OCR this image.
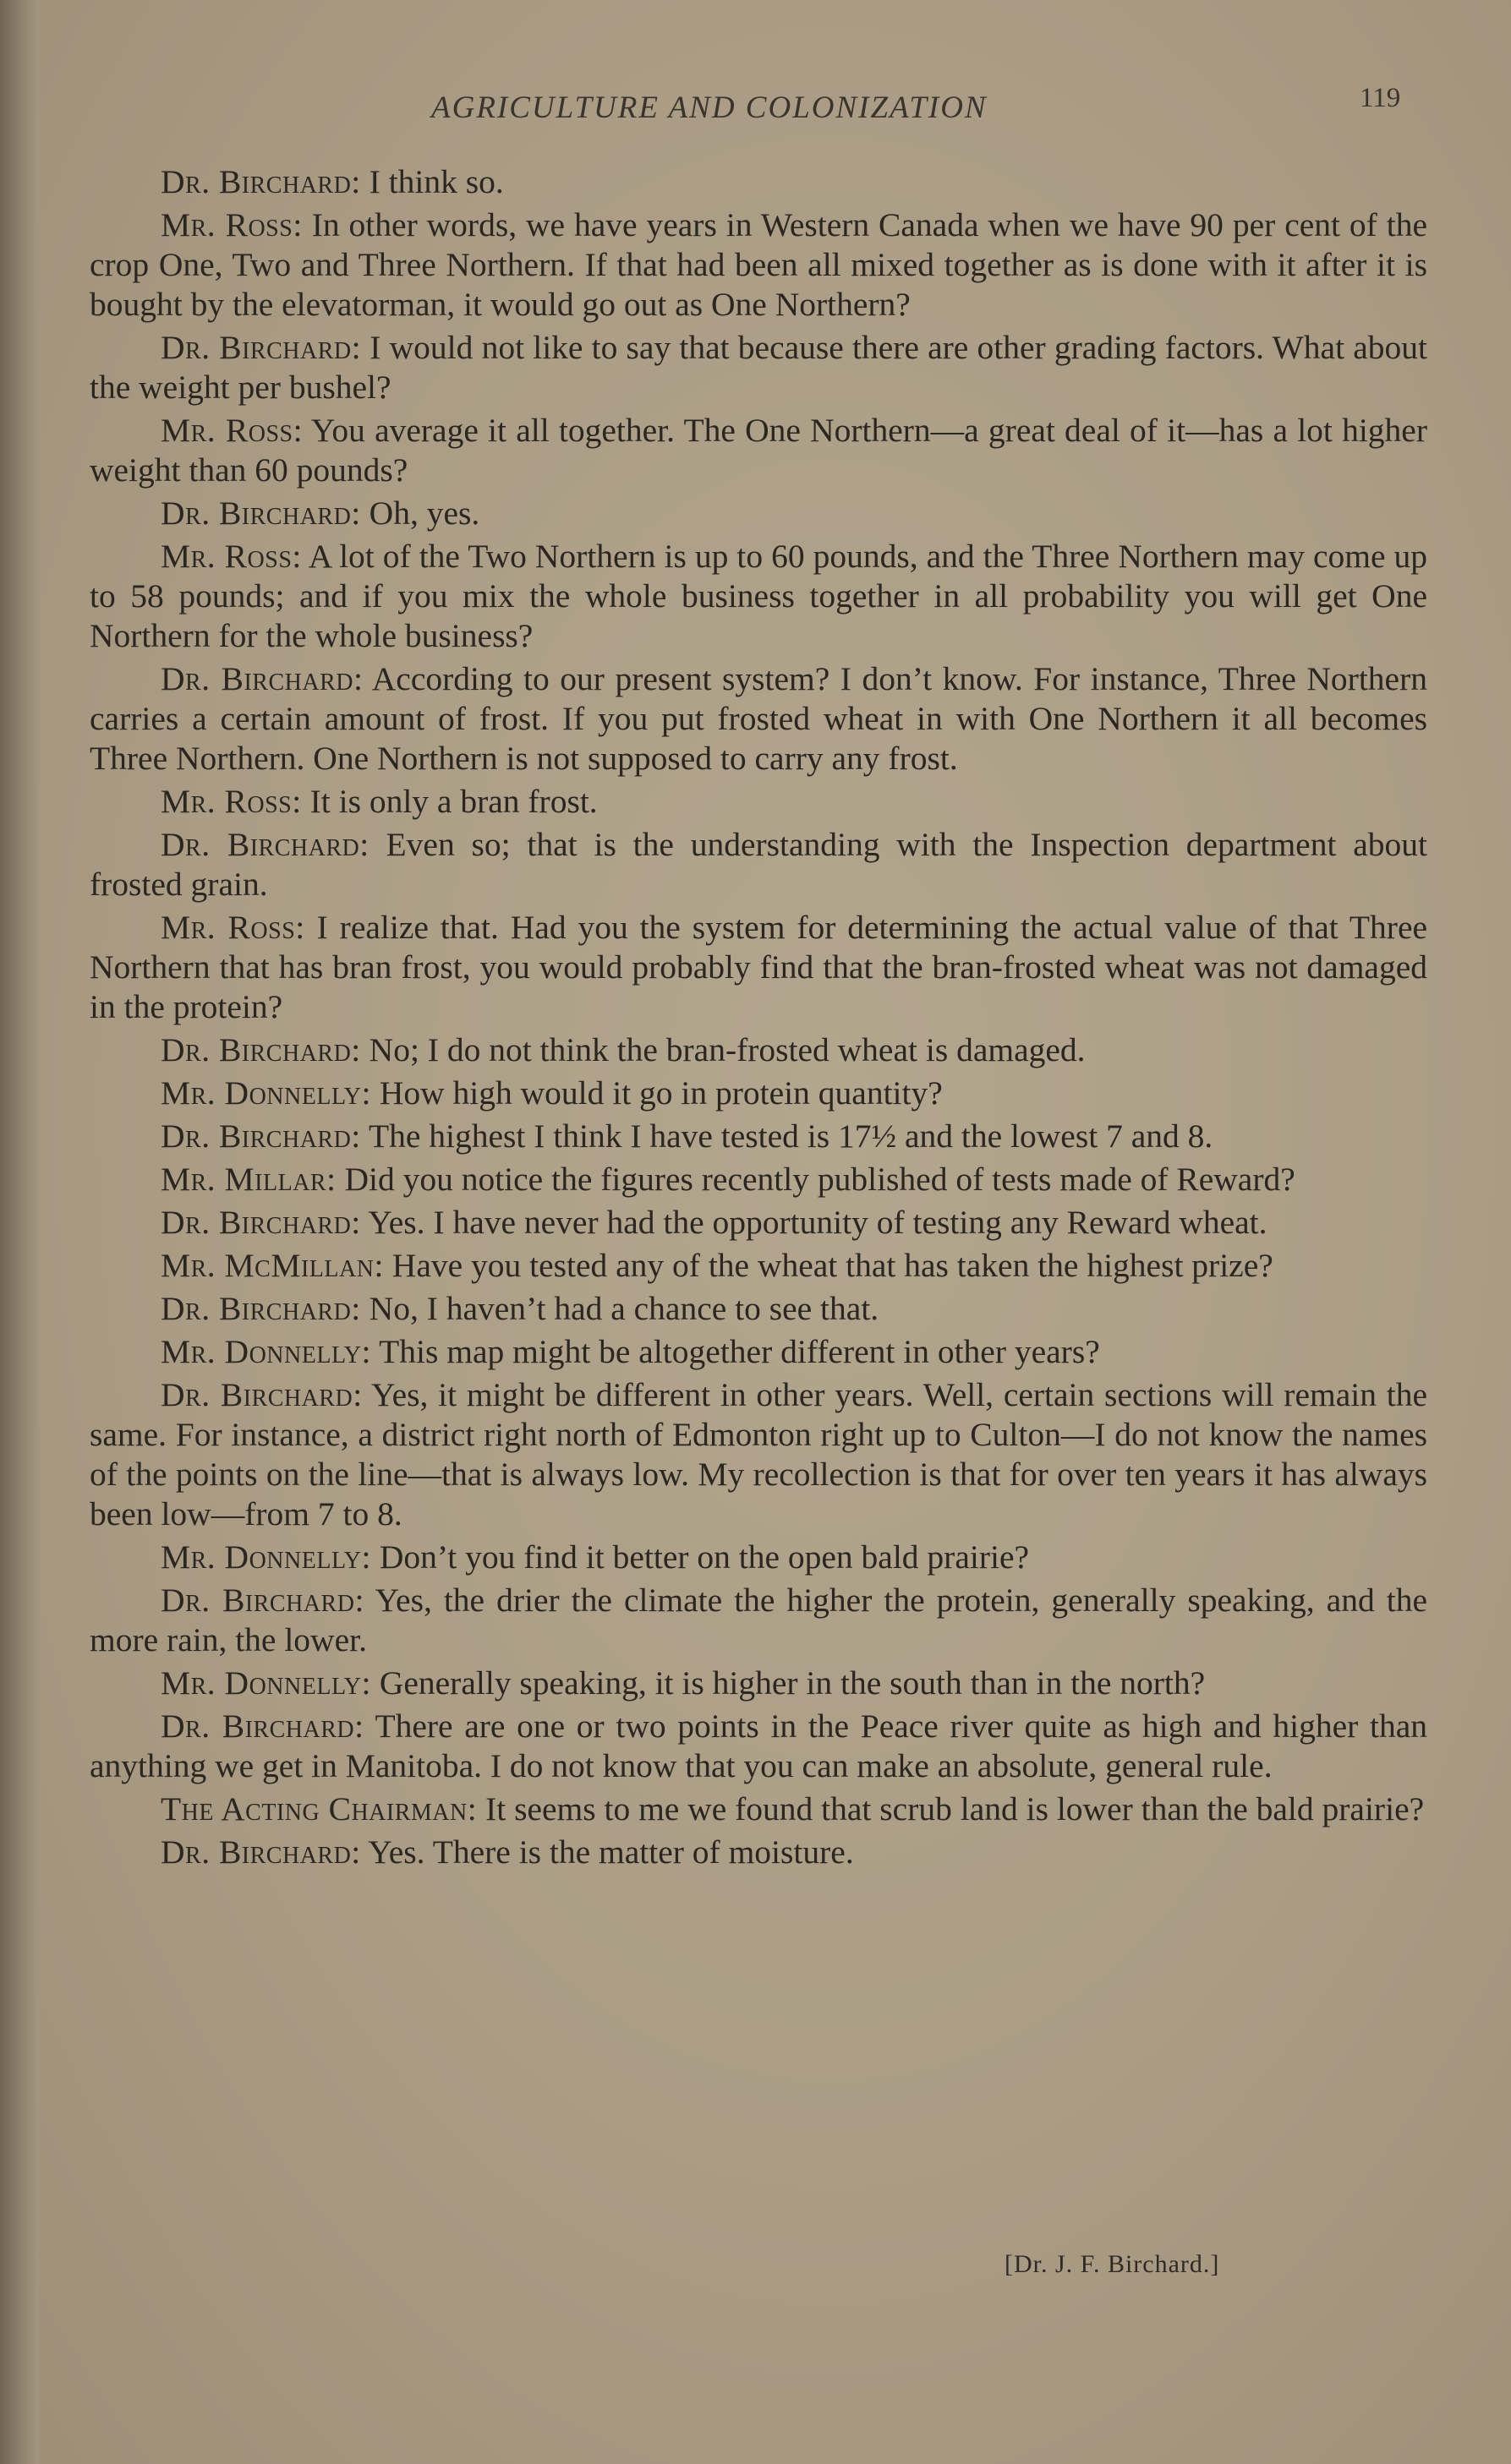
AGRICULTURE AND COLONIZATION	119

Dr. Birchard: I think so.

Mr. Ross: In other words, we have years in Western Canada when we have 90 per cent of the crop One, Two and Three Northern. If that had been all mixed together as is done with it after it is bought by the elevatorman, it would go out as One Northern?

Dr. Birchard: I would not like to say that because there are other grading factors. What about the weight per bushel?

Mr. Ross: You average it all together. The One Northern—a great deal of it—has a lot higher weight than 60 pounds?

Dr. Birchard: Oh, yes.

Mr. Ross: A lot of the Two Northern is up to 60 pounds, and the Three Northern may come up to 58 pounds; and if you mix the whole business together in all probability you will get One Northern for the whole business?

Dr. Birchard: According to our present system? I don’t know. For instance, Three Northern carries a certain amount of frost. If you put frosted wheat in with One Northern it all becomes Three Northern. One Northern is not supposed to carry any frost.

Mr. Ross: It is only a bran frost.

Dr. Birchard: Even so; that is the understanding with the Inspection department about frosted grain.

Mr. Ross: I realize that. Had you the system for determining the actual value of that Three Northern that has bran frost, you would probably find that the bran-frosted wheat was not damaged in the protein?

Dr. Birchard: No; I do not think the bran-frosted wheat is damaged.

Mr. Donnelly: How high would it go in protein quantity?

Dr. Birchard: The highest I think I have tested is 17½ and the lowest 7 and 8.

Mr. Millar: Did you notice the figures recently published of tests made of Reward?

Dr. Birchard: Yes. I have never had the opportunity of testing any Reward wheat.

Mr. McMillan: Have you tested any of the wheat that has taken the highest prize?

Dr. Birchard: No, I haven’t had a chance to see that.

Mr. Donnelly: This map might be altogether different in other years?

Dr. Birchard: Yes, it might be different in other years. Well, certain sections will remain the same. For instance, a district right north of Edmonton right up to Culton—I do not know the names of the points on the line—that is always low. My recollection is that for over ten years it has always been low—from 7 to 8.

Mr. Donnelly: Don’t you find it better on the open bald prairie?

Dr. Birchard: Yes, the drier the climate the higher the protein, generally speaking, and the more rain, the lower.

Mr. Donnelly: Generally speaking, it is higher in the south than in the north?

Dr. Birchard: There are one or two points in the Peace river quite as high and higher than anything we get in Manitoba. I do not know that you can make an absolute, general rule.

The Acting Chairman: It seems to me we found that scrub land is lower than the bald prairie?

Dr. Birchard: Yes. There is the matter of moisture.

[Dr. J. F. Birchard.]
